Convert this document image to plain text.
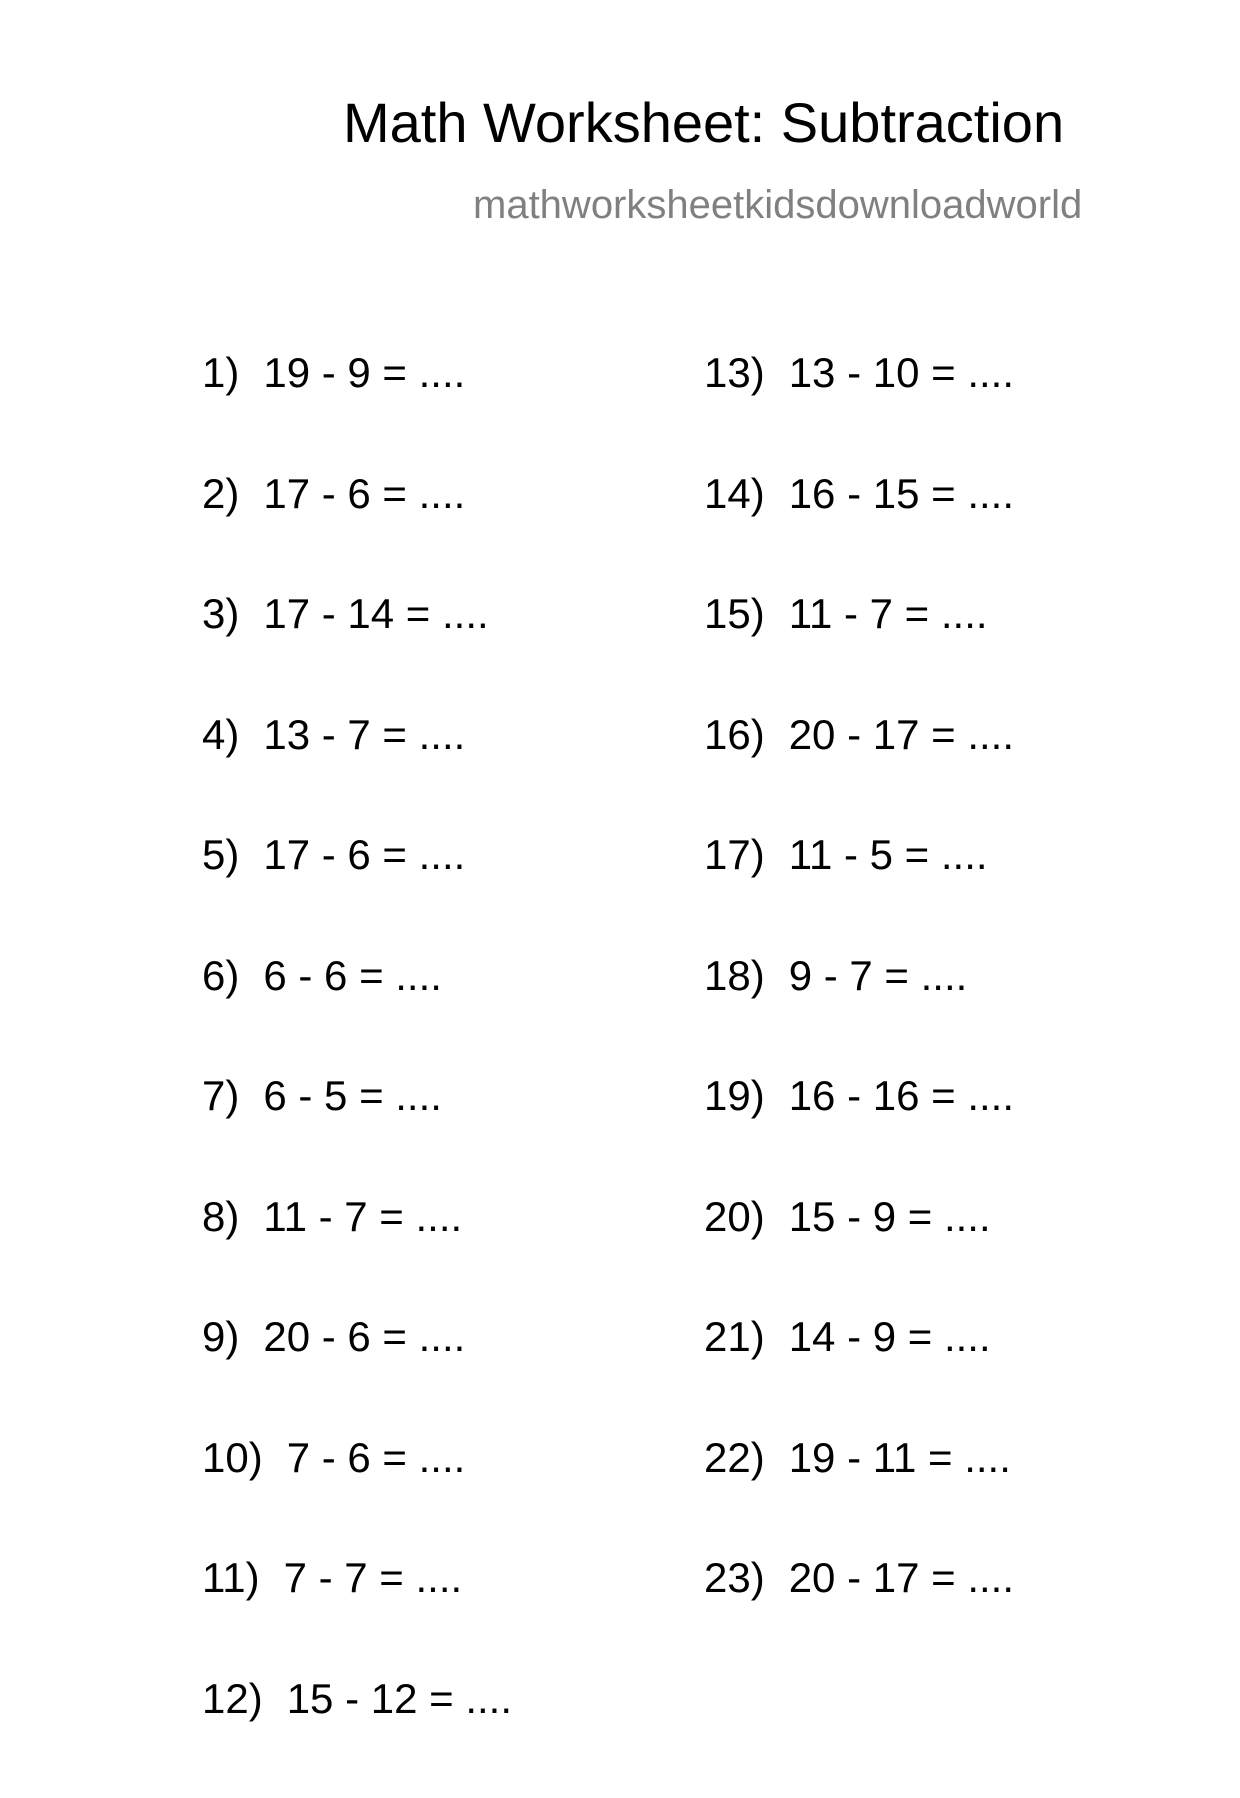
Math Worksheet: Subtraction
mathworksheetkidsdownloadworld
1) 19 - 9 = ....
2) 17 - 6 = ....
3) 17 - 14 = ....
4) 13 - 7 = ....
5) 17 - 6 = ....
6) 6 - 6 = ....
7) 6 - 5 = ....
8) 11 - 7 = ....
9) 20 - 6 = ....
10) 7 - 6 = ....
11) 7 - 7 = ....
12) 15 - 12 = ....
13) 13 - 10 = ....
14) 16 - 15 = ....
15) 11 - 7 = ....
16) 20 - 17 = ....
17) 11 - 5 = ....
18) 9 - 7 = ....
19) 16 - 16 = ....
20) 15 - 9 = ....
21) 14 - 9 = ....
22) 19 - 11 = ....
23) 20 - 17 = ....
